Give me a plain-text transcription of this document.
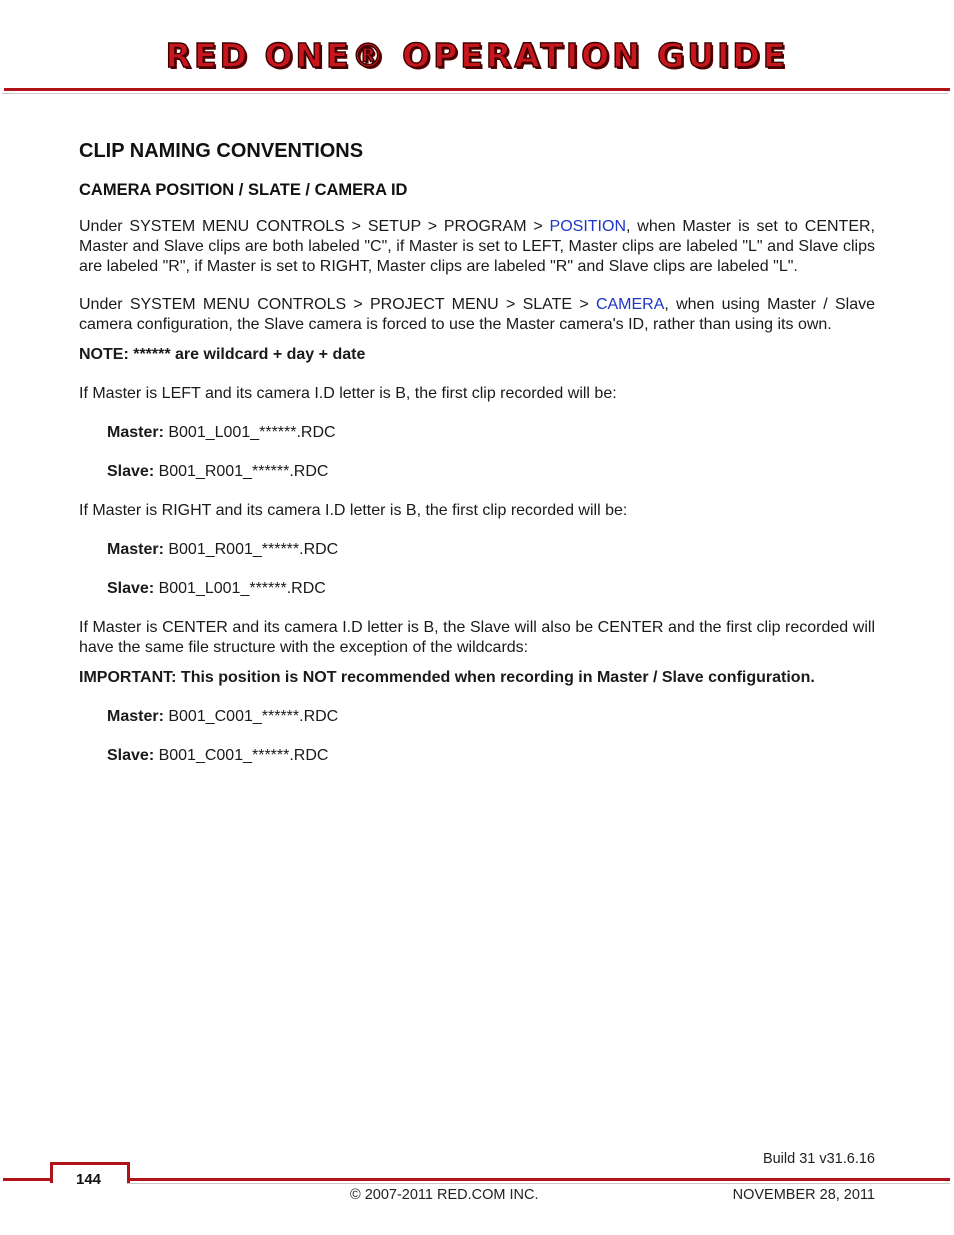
RED ONE® OPERATION GUIDE
CLIP NAMING CONVENTIONS
CAMERA POSITION / SLATE / CAMERA ID

Under SYSTEM MENU CONTROLS > SETUP > PROGRAM > POSITION, when Master is set to CENTER, Master and Slave clips are both labeled "C", if Master is set to LEFT, Master clips are labeled "L" and Slave clips are labeled "R", if Master is set to RIGHT, Master clips are labeled "R" and Slave clips are labeled "L".

Under SYSTEM MENU CONTROLS > PROJECT MENU > SLATE > CAMERA, when using Master / Slave camera configuration, the Slave camera is forced to use the Master camera's ID, rather than using its own.

NOTE: ****** are wildcard + day + date
If Master is LEFT and its camera I.D letter is B, the first clip recorded will be:
Master: B001_L001_******.RDC
Slave: B001_R001_******.RDC
If Master is RIGHT and its camera I.D letter is B, the first clip recorded will be:
Master: B001_R001_******.RDC
Slave: B001_L001_******.RDC
If Master is CENTER and its camera I.D letter is B, the Slave will also be CENTER and the first clip recorded will have the same file structure with the exception of the wildcards:
IMPORTANT: This position is NOT recommended when recording in Master / Slave configuration.
Master: B001_C001_******.RDC
Slave: B001_C001_******.RDC
Build 31 v31.6.16
144
© 2007-2011 RED.COM INC.	NOVEMBER 28, 2011
